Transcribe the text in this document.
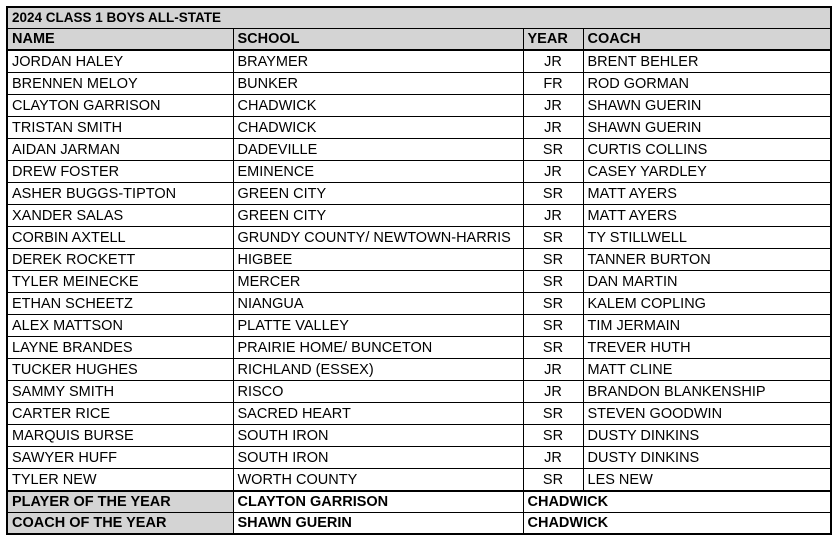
2024 CLASS 1 BOYS ALL-STATE			
NAME	SCHOOL	YEAR	COACH
JORDAN HALEY	BRAYMER	JR	BRENT BEHLER
BRENNEN MELOY	BUNKER	FR	ROD GORMAN
CLAYTON GARRISON	CHADWICK	JR	SHAWN GUERIN
TRISTAN SMITH	CHADWICK	JR	SHAWN GUERIN
AIDAN JARMAN	DADEVILLE	SR	CURTIS COLLINS
DREW FOSTER	EMINENCE	JR	CASEY YARDLEY
ASHER BUGGS-TIPTON	GREEN CITY	SR	MATT AYERS
XANDER SALAS	GREEN CITY	JR	MATT AYERS
CORBIN AXTELL	GRUNDY COUNTY/ NEWTOWN-HARRIS	SR	TY STILLWELL
DEREK ROCKETT	HIGBEE	SR	TANNER BURTON
TYLER MEINECKE	MERCER	SR	DAN MARTIN
ETHAN SCHEETZ	NIANGUA	SR	KALEM COPLING
ALEX MATTSON	PLATTE VALLEY	SR	TIM JERMAIN
LAYNE BRANDES	PRAIRIE HOME/ BUNCETON	SR	TREVER HUTH
TUCKER HUGHES	RICHLAND (ESSEX)	JR	MATT CLINE
SAMMY SMITH	RISCO	JR	BRANDON BLANKENSHIP
CARTER RICE	SACRED HEART	SR	STEVEN GOODWIN
MARQUIS BURSE	SOUTH IRON	SR	DUSTY DINKINS
SAWYER HUFF	SOUTH IRON	JR	DUSTY DINKINS
TYLER NEW	WORTH COUNTY	SR	LES NEW
PLAYER OF THE YEAR	CLAYTON GARRISON	CHADWICK	
COACH OF THE YEAR	SHAWN GUERIN	CHADWICK	
